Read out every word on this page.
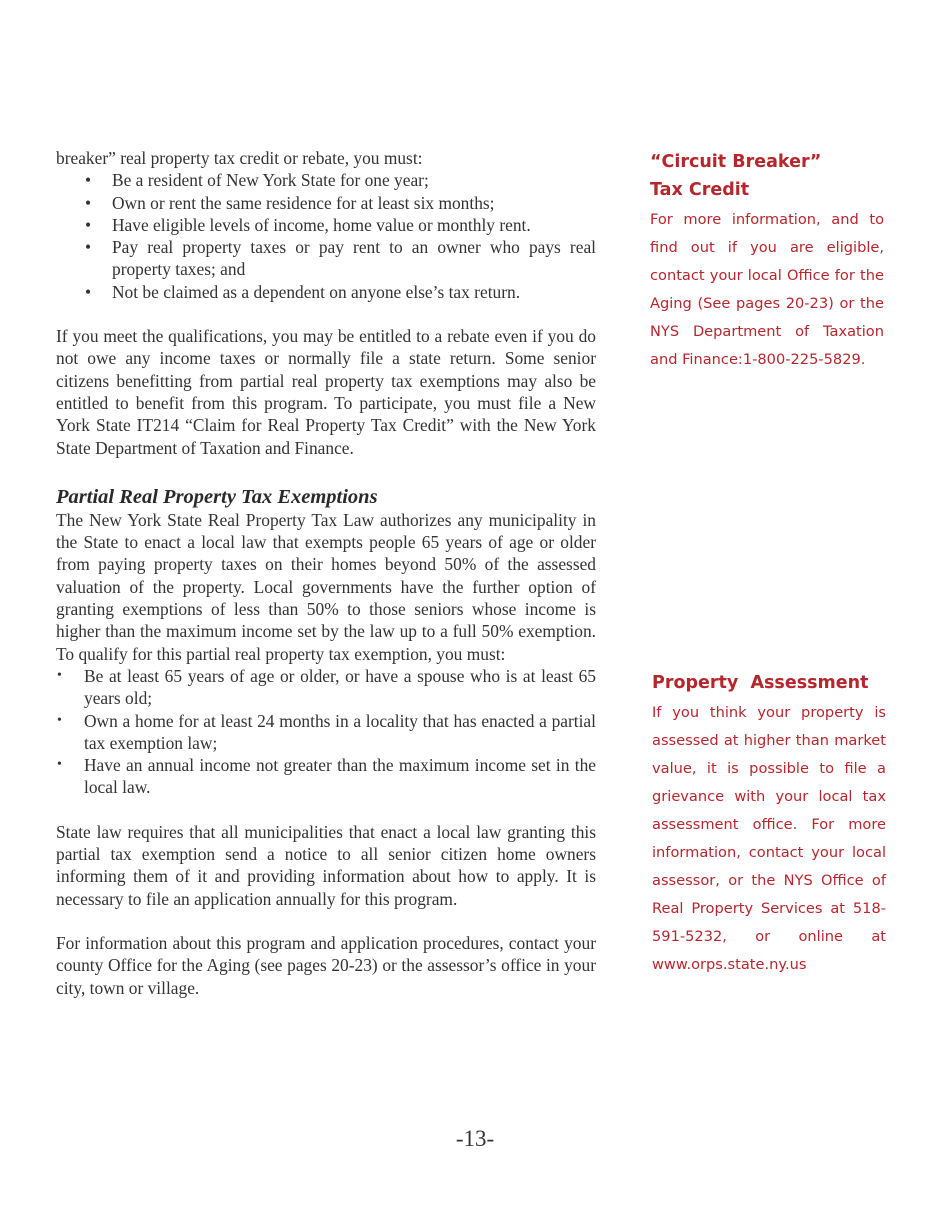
breaker” real property tax credit or rebate, you must:

• Be a resident of New York State for one year;
• Own or rent the same residence for at least six months;
• Have eligible levels of income, home value or monthly rent.
• Pay real property taxes or pay rent to an owner who pays real property taxes; and
• Not be claimed as a dependent on anyone else’s tax return.

If you meet the qualifications, you may be entitled to a rebate even if you do not owe any income taxes or normally file a state return. Some senior citizens benefitting from partial real property tax exemptions may also be entitled to benefit from this program. To participate, you must file a New York State IT214 “Claim for Real Property Tax Credit” with the New York State Department of Taxation and Finance.

Partial Real Property Tax Exemptions

The New York State Real Property Tax Law authorizes any municipality in the State to enact a local law that exempts people 65 years of age or older from paying property taxes on their homes beyond 50% of the assessed valuation of the property. Local governments have the further option of granting exemptions of less than 50% to those seniors whose income is higher than the maximum income set by the law up to a full 50% exemption. To qualify for this partial real property tax exemption, you must:

• Be at least 65 years of age or older, or have a spouse who is at least 65 years old;
• Own a home for at least 24 months in a locality that has enacted a partial tax exemption law;
• Have an annual income not greater than the maximum income set in the local law.

State law requires that all municipalities that enact a local law granting this partial tax exemption send a notice to all senior citizen home owners informing them of it and providing information about how to apply. It is necessary to file an application annually for this program.

For information about this program and application procedures, contact your county Office for the Aging (see pages 20-23) or the assessor’s office in your city, town or village.

“Circuit Breaker”
Tax Credit

For more information, and to find out if you are eligible, contact your local Office for the Aging (See pages 20-23) or the NYS Department of Taxation and Finance:1-800-225-5829.

Property  Assessment

If you think your property is assessed at higher than market value, it is possible to file a grievance with your local tax assessment office. For more information, contact your local assessor, or the NYS Office of Real Property Services at 518-591-5232, or online at www.orps.state.ny.us

-13-
